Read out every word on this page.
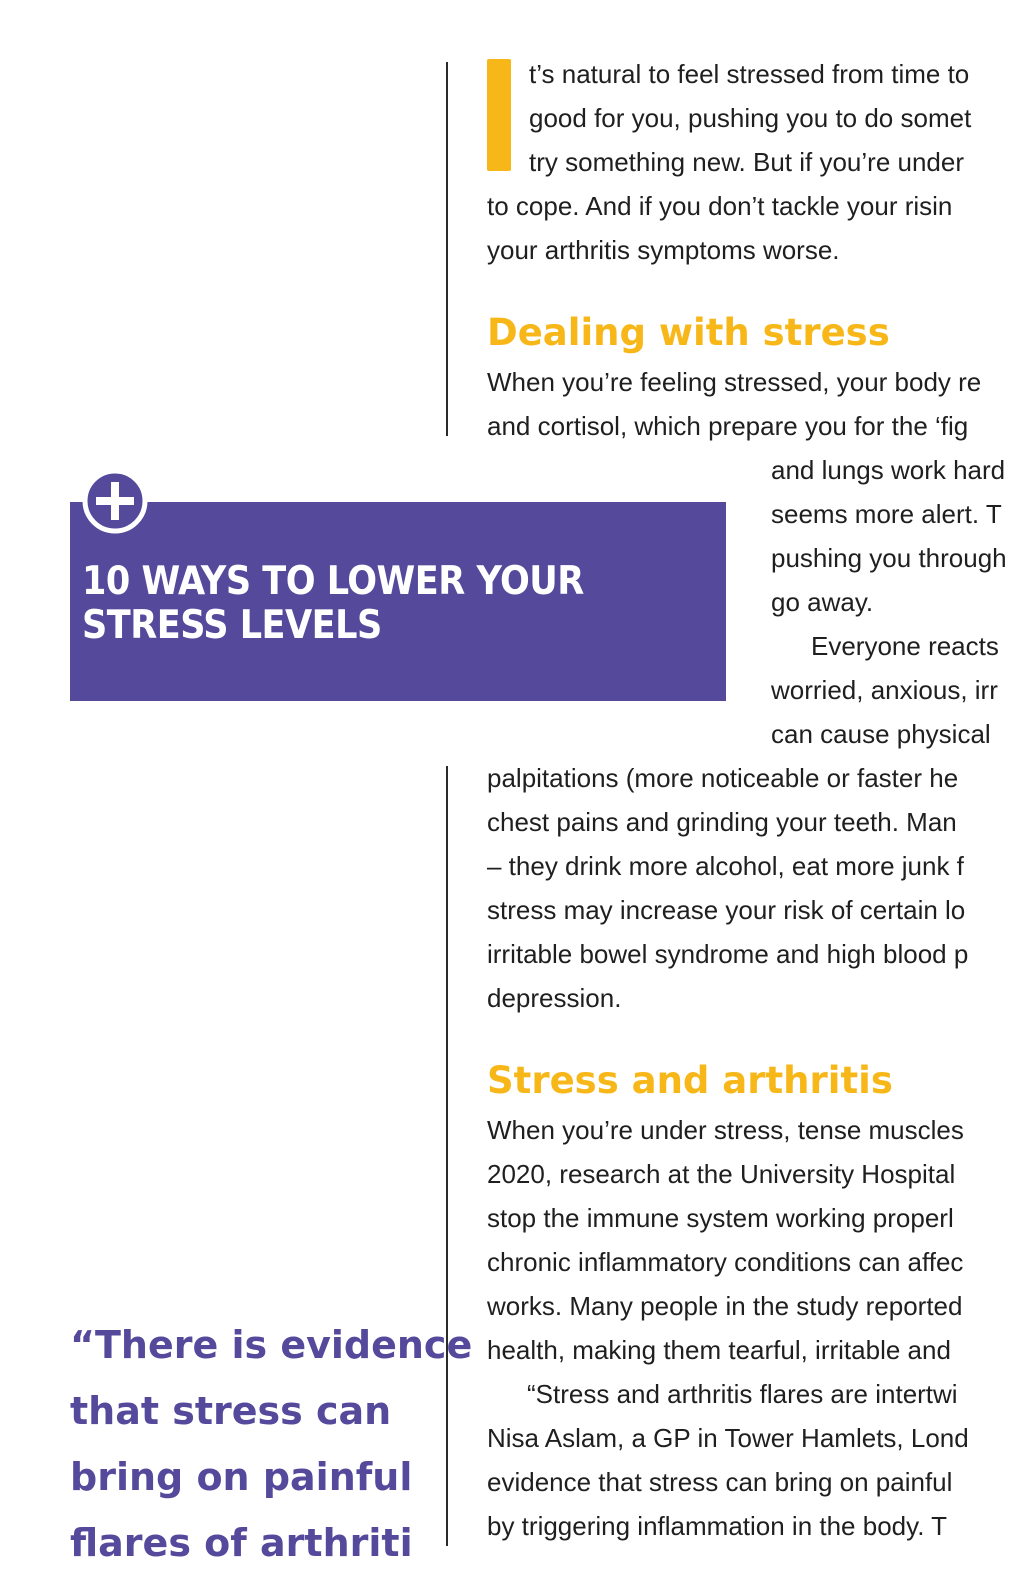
t’s natural to feel stressed from time to
good for you, pushing you to do somet
try something new. But if you’re under
to cope. And if you don’t tackle your risin
your arthritis symptoms worse.
Dealing with stress
When you’re feeling stressed, your body re
and cortisol, which prepare you for the ‘fig
and lungs work hard
seems more alert. T
pushing you through
go away.
Everyone reacts
worried, anxious, irr
can cause physical
palpitations (more noticeable or faster he
chest pains and grinding your teeth. Man
– they drink more alcohol, eat more junk f
stress may increase your risk of certain lo
irritable bowel syndrome and high blood p
depression.
Stress and arthritis
When you’re under stress, tense muscles
2020, research at the University Hospital
stop the immune system working properl
chronic inflammatory conditions can affec
works. Many people in the study reported
health, making them tearful, irritable and
“Stress and arthritis flares are intertwi
Nisa Aslam, a GP in Tower Hamlets, Lond
evidence that stress can bring on painful
by triggering inflammation in the body. T
10 WAYS TO LOWER YOUR
STRESS LEVELS
“There is evidence
that stress can
bring on painful
flares of arthriti
